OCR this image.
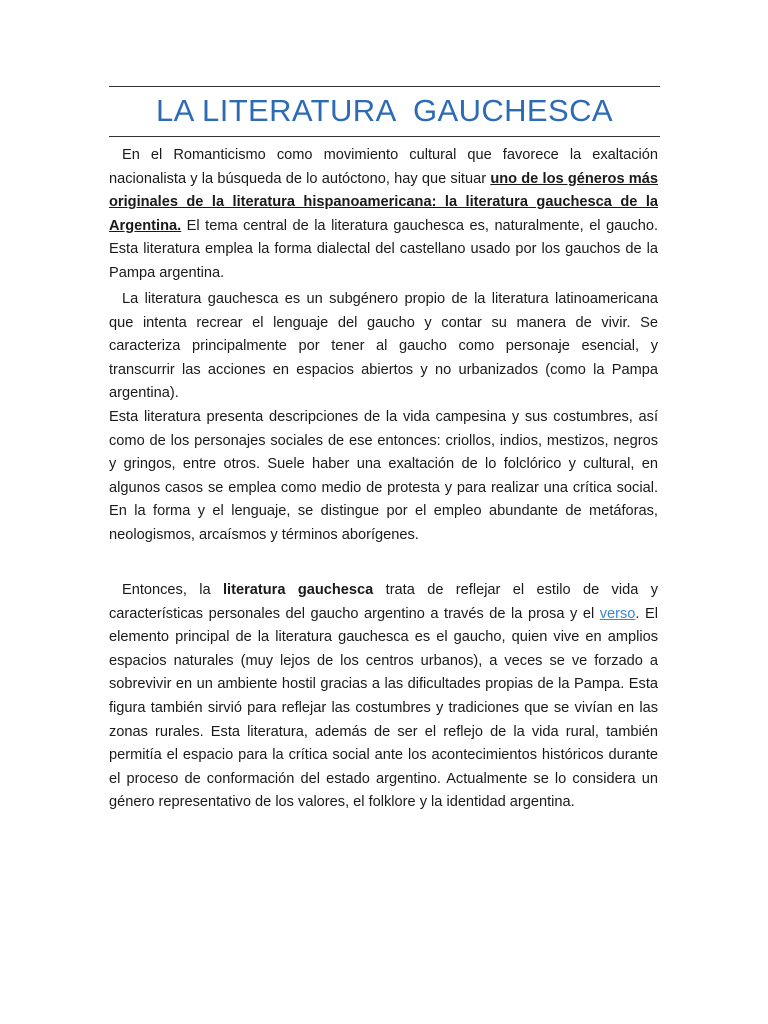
LA LITERATURA  GAUCHESCA

En el Romanticismo como movimiento cultural que favorece la exaltación nacionalista y la búsqueda de lo autóctono, hay que situar uno de los géneros más originales de la literatura hispanoamericana: la literatura gauchesca de la Argentina. El tema central de la literatura gauchesca es, naturalmente, el gaucho. Esta literatura emplea la forma dialectal del castellano usado por los gauchos de la Pampa argentina.

La literatura gauchesca es un subgénero propio de la literatura latinoamericana que intenta recrear el lenguaje del gaucho y contar su manera de vivir. Se caracteriza principalmente por tener al gaucho como personaje esencial, y transcurrir las acciones en espacios abiertos y no urbanizados (como la Pampa argentina).
Esta literatura presenta descripciones de la vida campesina y sus costumbres, así como de los personajes sociales de ese entonces: criollos, indios, mestizos, negros y gringos, entre otros. Suele haber una exaltación de lo folclórico y cultural, en algunos casos se emplea como medio de protesta y para realizar una crítica social. En la forma y el lenguaje, se distingue por el empleo abundante de metáforas, neologismos, arcaísmos y términos aborígenes.

Entonces, la literatura gauchesca trata de reflejar el estilo de vida y características personales del gaucho argentino a través de la prosa y el verso. El elemento principal de la literatura gauchesca es el gaucho, quien vive en amplios espacios naturales (muy lejos de los centros urbanos), a veces se ve forzado a sobrevivir en un ambiente hostil gracias a las dificultades propias de la Pampa. Esta figura también sirvió para reflejar las costumbres y tradiciones que se vivían en las zonas rurales. Esta literatura, además de ser el reflejo de la vida rural, también permitía el espacio para la crítica social ante los acontecimientos históricos durante el proceso de conformación del estado argentino. Actualmente se lo considera un género representativo de los valores, el folklore y la identidad argentina.
